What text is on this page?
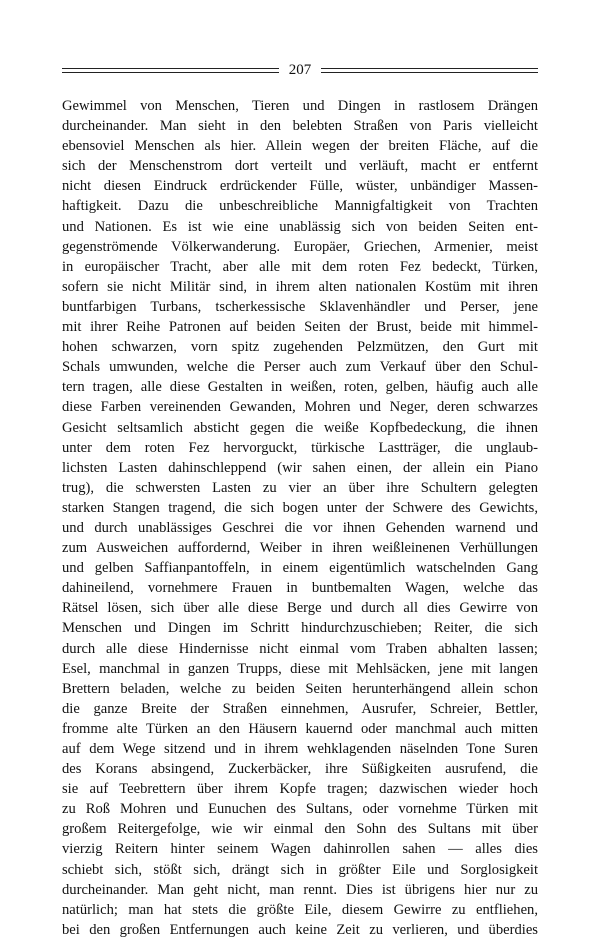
207
Gewimmel von Menschen, Tieren und Dingen in rastlosem Drängen
durcheinander. Man sieht in den belebten Straßen von Paris vielleicht
ebensoviel Menschen als hier. Allein wegen der breiten Fläche, auf die
sich der Menschenstrom dort verteilt und verläuft, macht er entfernt
nicht diesen Eindruck erdrückender Fülle, wüster, unbändiger Massen-
haftigkeit. Dazu die unbeschreibliche Mannigfaltigkeit von Trachten
und Nationen. Es ist wie eine unablässig sich von beiden Seiten ent-
gegenströmende Völkerwanderung. Europäer, Griechen, Armenier, meist
in europäischer Tracht, aber alle mit dem roten Fez bedeckt, Türken,
sofern sie nicht Militär sind, in ihrem alten nationalen Kostüm mit ihren
buntfarbigen Turbans, tscherkessische Sklavenhändler und Perser, jene
mit ihrer Reihe Patronen auf beiden Seiten der Brust, beide mit himmel-
hohen schwarzen, vorn spitz zugehenden Pelzmützen, den Gurt mit
Schals umwunden, welche die Perser auch zum Verkauf über den Schul-
tern tragen, alle diese Gestalten in weißen, roten, gelben, häufig auch alle
diese Farben vereinenden Gewanden, Mohren und Neger, deren schwarzes
Gesicht seltsamlich absticht gegen die weiße Kopfbedeckung, die ihnen
unter dem roten Fez hervorguckt, türkische Lastträger, die unglaub-
lichsten Lasten dahinschleppend (wir sahen einen, der allein ein Piano
trug), die schwersten Lasten zu vier an über ihre Schultern gelegten
starken Stangen tragend, die sich bogen unter der Schwere des Gewichts,
und durch unablässiges Geschrei die vor ihnen Gehenden warnend und
zum Ausweichen auffordernd, Weiber in ihren weißleinenen Verhüllungen
und gelben Saffianpantoffeln, in einem eigentümlich watschelnden Gang
dahineilend, vornehmere Frauen in buntbemalten Wagen, welche das
Rätsel lösen, sich über alle diese Berge und durch all dies Gewirre von
Menschen und Dingen im Schritt hindurchzuschieben; Reiter, die sich
durch alle diese Hindernisse nicht einmal vom Traben abhalten lassen;
Esel, manchmal in ganzen Trupps, diese mit Mehlsäcken, jene mit langen
Brettern beladen, welche zu beiden Seiten herunterhängend allein schon
die ganze Breite der Straßen einnehmen, Ausrufer, Schreier, Bettler,
fromme alte Türken an den Häusern kauernd oder manchmal auch mitten
auf dem Wege sitzend und in ihrem wehklagenden näselnden Tone Suren
des Korans absingend, Zuckerbäcker, ihre Süßigkeiten ausrufend, die
sie auf Teebrettern über ihrem Kopfe tragen; dazwischen wieder hoch
zu Roß Mohren und Eunuchen des Sultans, oder vornehme Türken mit
großem Reitergefolge, wie wir einmal den Sohn des Sultans mit über
vierzig Reitern hinter seinem Wagen dahinrollen sahen — alles dies
schiebt sich, stößt sich, drängt sich in größter Eile und Sorglosigkeit
durcheinander. Man geht nicht, man rennt. Dies ist übrigens hier nur zu
natürlich; man hat stets die größte Eile, diesem Gewirre zu entfliehen,
bei den großen Entfernungen auch keine Zeit zu verlieren, und überdies
